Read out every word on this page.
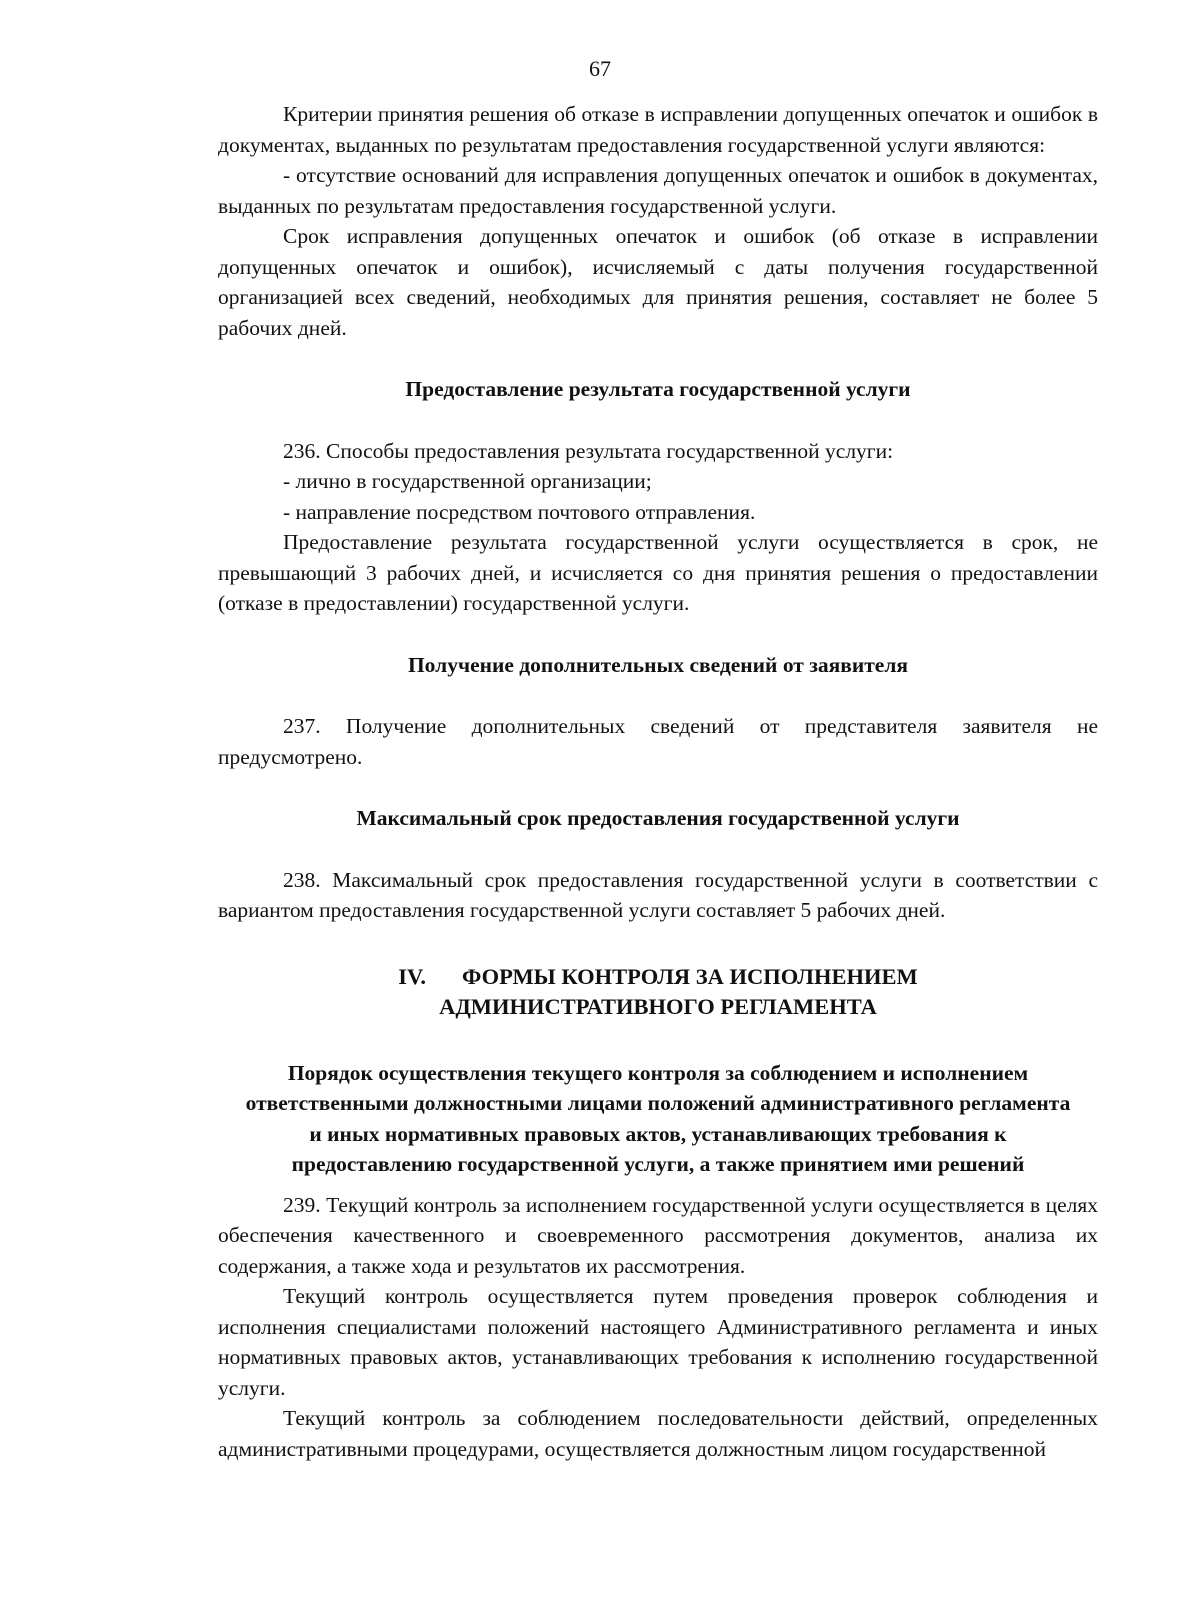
67

Критерии принятия решения об отказе в исправлении допущенных опечаток и ошибок в документах, выданных по результатам предоставления государственной услуги являются:

- отсутствие оснований для исправления допущенных опечаток и ошибок в документах, выданных по результатам предоставления государственной услуги.

Срок исправления допущенных опечаток и ошибок (об отказе в исправлении допущенных опечаток и ошибок), исчисляемый с даты получения государственной организацией всех сведений, необходимых для принятия решения, составляет не более 5 рабочих дней.

Предоставление результата государственной услуги

236. Способы предоставления результата государственной услуги:

- лично в государственной организации;

- направление посредством почтового отправления.

Предоставление результата государственной услуги осуществляется в срок, не превышающий 3 рабочих дней, и исчисляется со дня принятия решения о предоставлении (отказе в предоставлении) государственной услуги.

Получение дополнительных сведений от заявителя

237. Получение дополнительных сведений от представителя заявителя не предусмотрено.

Максимальный срок предоставления государственной услуги

238. Максимальный срок предоставления государственной услуги в соответствии с вариантом предоставления государственной услуги составляет 5 рабочих дней.

IV. ФОРМЫ КОНТРОЛЯ ЗА ИСПОЛНЕНИЕМ
АДМИНИСТРАТИВНОГО РЕГЛАМЕНТА
Порядок осуществления текущего контроля за соблюдением и исполнением
ответственными должностными лицами положений административного регламента
и иных нормативных правовых актов, устанавливающих требования к
предоставлению государственной услуги, а также принятием ими решений

239. Текущий контроль за исполнением государственной услуги осуществляется в целях обеспечения качественного и своевременного рассмотрения документов, анализа их содержания, а также хода и результатов их рассмотрения.

Текущий контроль осуществляется путем проведения проверок соблюдения и исполнения специалистами положений настоящего Административного регламента и иных нормативных правовых актов, устанавливающих требования к исполнению государственной услуги.

Текущий контроль за соблюдением последовательности действий, определенных административными процедурами, осуществляется должностным лицом государственной
